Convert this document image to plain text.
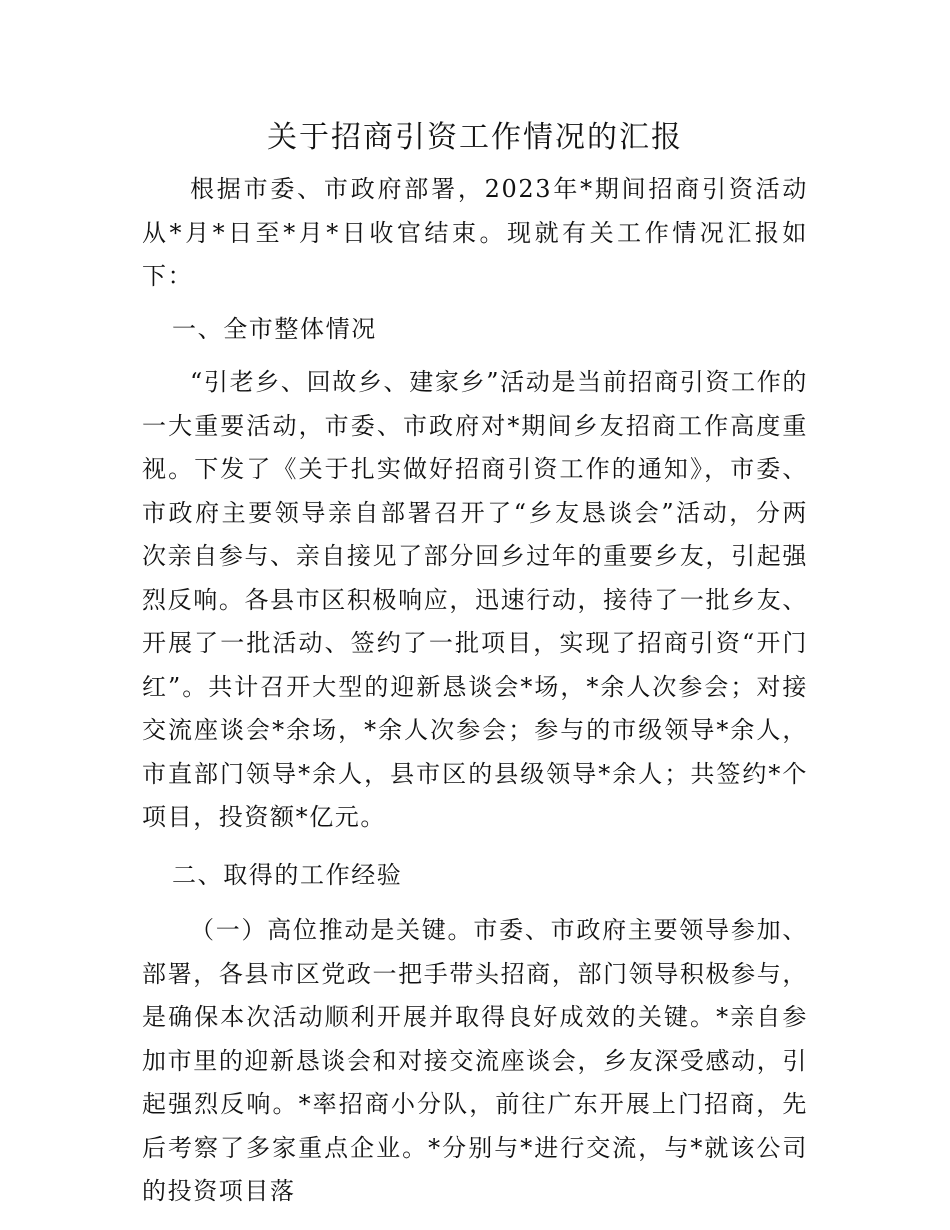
关于招商引资工作情况的汇报

根据市委、市政府部署，2023年*期间招商引资活动从*月*日至*月*日收官结束。现就有关工作情况汇报如下：

一、全市整体情况

“引老乡、回故乡、建家乡”活动是当前招商引资工作的一大重要活动，市委、市政府对*期间乡友招商工作高度重视。下发了《关于扎实做好招商引资工作的通知》，市委、市政府主要领导亲自部署召开了“乡友恳谈会”活动，分两次亲自参与、亲自接见了部分回乡过年的重要乡友，引起强烈反响。各县市区积极响应，迅速行动，接待了一批乡友、开展了一批活动、签约了一批项目，实现了招商引资“开门红”。共计召开大型的迎新恳谈会*场，*余人次参会；对接交流座谈会*余场，*余人次参会；参与的市级领导*余人，市直部门领导*余人，县市区的县级领导*余人；共签约*个项目，投资额*亿元。

二、取得的工作经验

（一）高位推动是关键。市委、市政府主要领导参加、部署，各县市区党政一把手带头招商，部门领导积极参与，是确保本次活动顺利开展并取得良好成效的关键。*亲自参加市里的迎新恳谈会和对接交流座谈会，乡友深受感动，引起强烈反响。*率招商小分队，前往广东开展上门招商，先后考察了多家重点企业。*分别与*进行交流，与*就该公司的投资项目落
